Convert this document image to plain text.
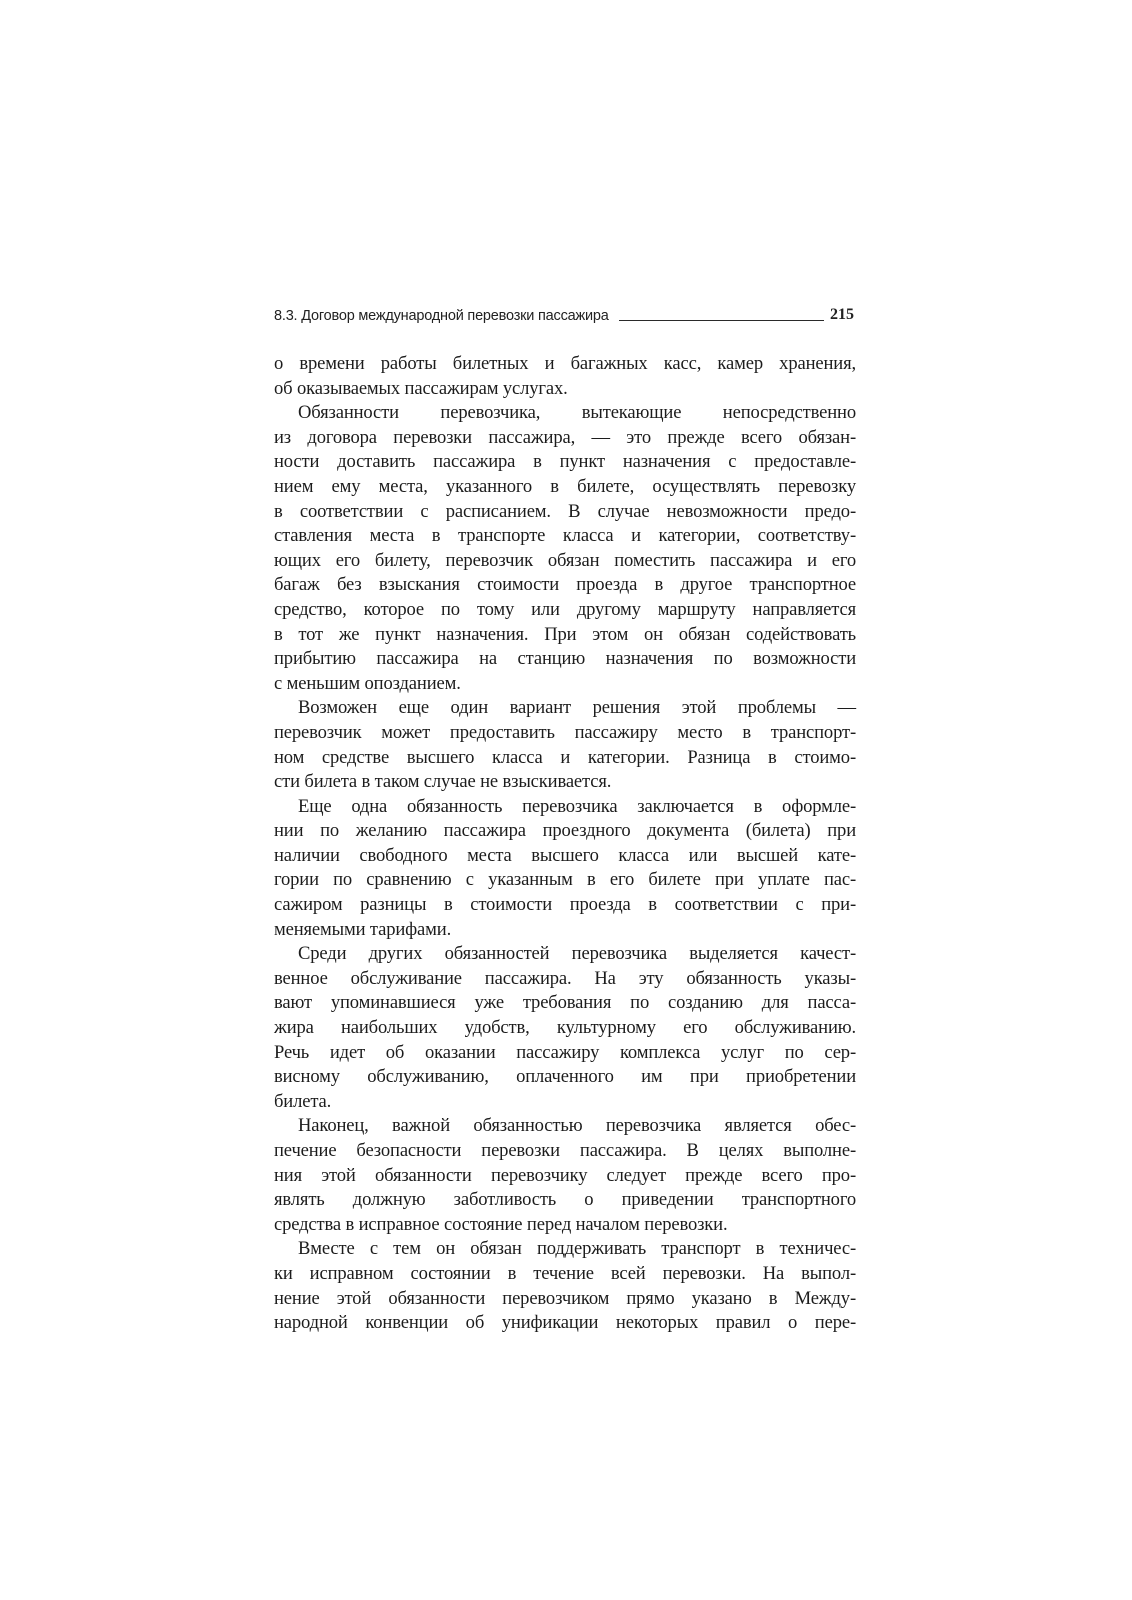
8.3. Договор международной перевозки пассажира	215

о времени работы билетных и багажных касс, камер хранения,

об оказываемых пассажирам услугах.

Обязанности перевозчика, вытекающие непосредственно

из договора перевозки пассажира, — это прежде всего обязан-

ности доставить пассажира в пункт назначения с предоставле-

нием ему места, указанного в билете, осуществлять перевозку

в соответствии с расписанием. В случае невозможности предо-

ставления места в транспорте класса и категории, соответству-

ющих его билету, перевозчик обязан поместить пассажира и его

багаж без взыскания стоимости проезда в другое транспортное

средство, которое по тому или другому маршруту направляется

в тот же пункт назначения. При этом он обязан содействовать

прибытию пассажира на станцию назначения по возможности

с меньшим опозданием.

Возможен еще один вариант решения этой проблемы —

перевозчик может предоставить пассажиру место в транспорт-

ном средстве высшего класса и категории. Разница в стоимо-

сти билета в таком случае не взыскивается.

Еще одна обязанность перевозчика заключается в оформле-

нии по желанию пассажира проездного документа (билета) при

наличии свободного места высшего класса или высшей кате-

гории по сравнению с указанным в его билете при уплате пас-

сажиром разницы в стоимости проезда в соответствии с при-

меняемыми тарифами.

Среди других обязанностей перевозчика выделяется качест-

венное обслуживание пассажира. На эту обязанность указы-

вают упоминавшиеся уже требования по созданию для пасса-

жира наибольших удобств, культурному его обслуживанию.

Речь идет об оказании пассажиру комплекса услуг по сер-

висному обслуживанию, оплаченного им при приобретении

билета.

Наконец, важной обязанностью перевозчика является обес-

печение безопасности перевозки пассажира. В целях выполне-

ния этой обязанности перевозчику следует прежде всего про-

являть должную заботливость о приведении транспортного

средства в исправное состояние перед началом перевозки.

Вместе с тем он обязан поддерживать транспорт в техничес-

ки исправном состоянии в течение всей перевозки. На выпол-

нение этой обязанности перевозчиком прямо указано в Между-

народной конвенции об унификации некоторых правил о пере-
